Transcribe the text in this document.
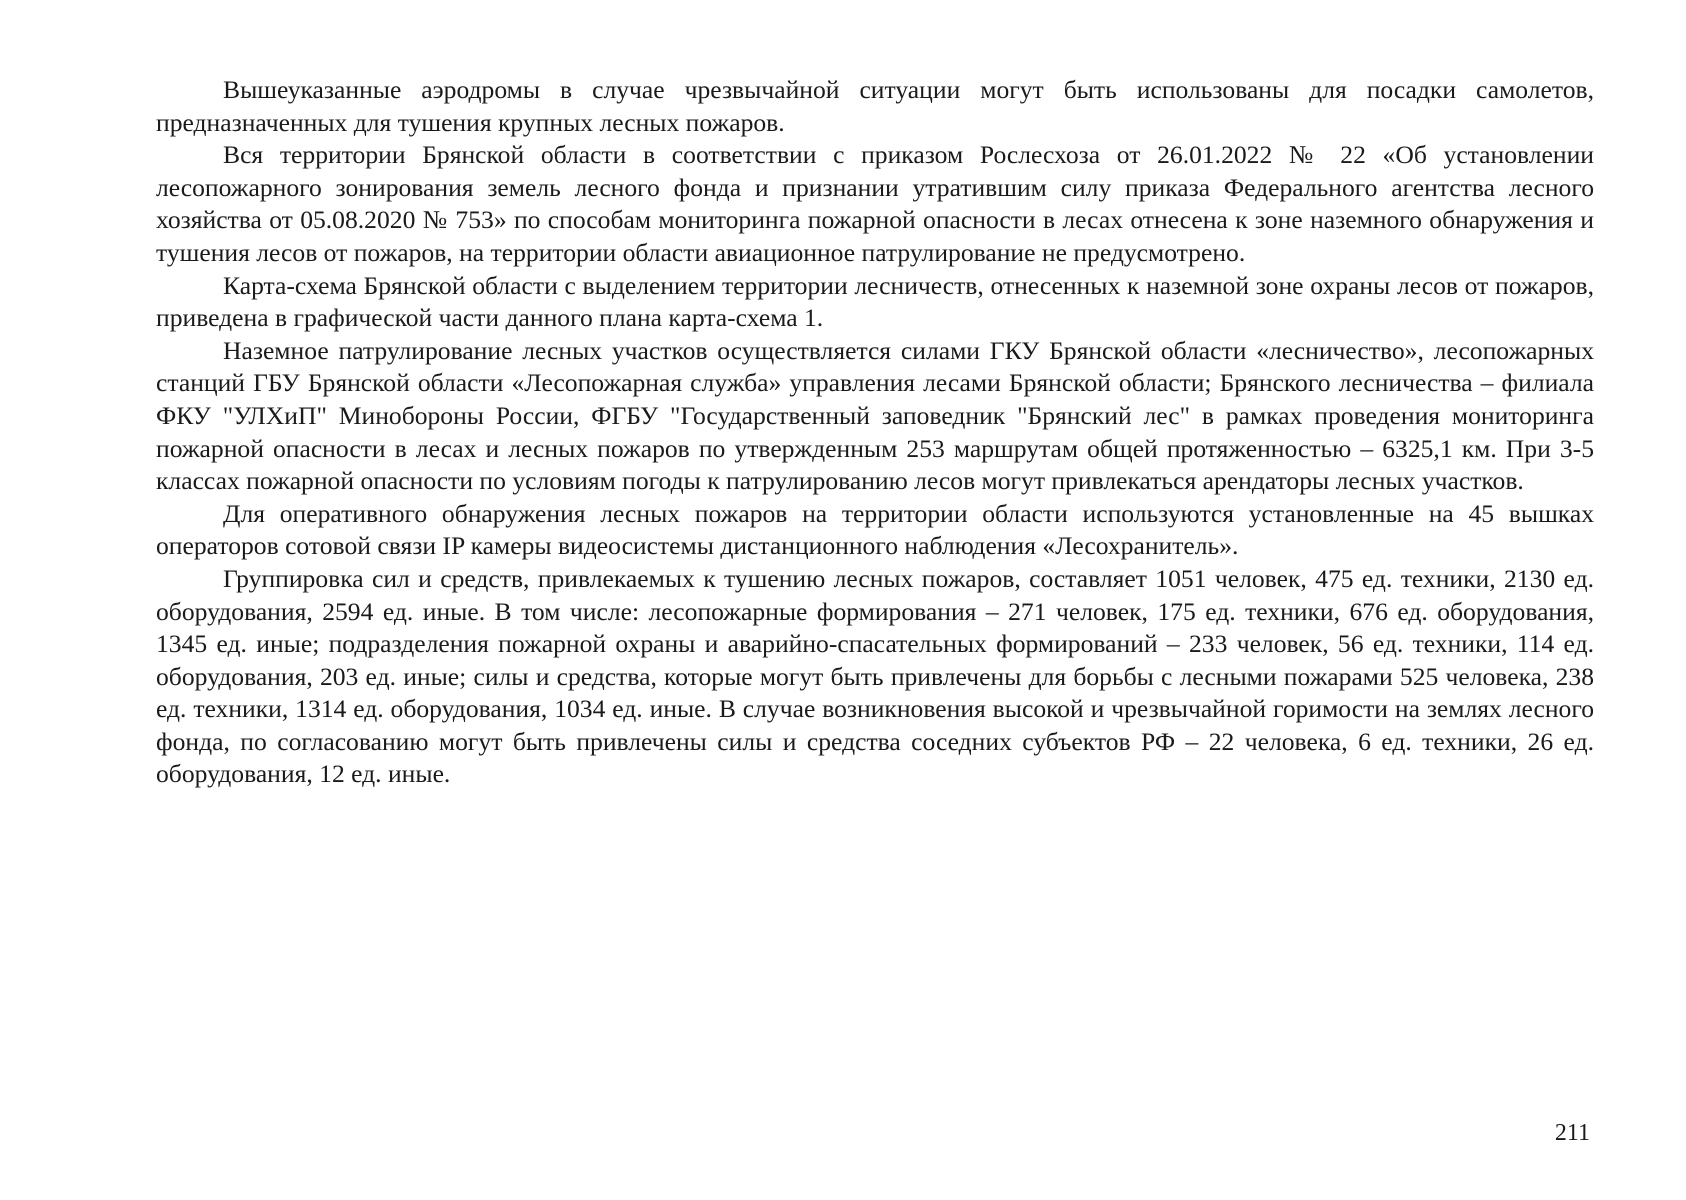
Вышеуказанные аэродромы в случае чрезвычайной ситуации могут быть использованы для посадки самолетов, предназначенных для тушения крупных лесных пожаров.

Вся территории Брянской области в соответствии с приказом Рослесхоза от 26.01.2022 № 22 «Об установлении лесопожарного зонирования земель лесного фонда и признании утратившим силу приказа Федерального агентства лесного хозяйства от 05.08.2020 № 753» по способам мониторинга пожарной опасности в лесах отнесена к зоне наземного обнаружения и тушения лесов от пожаров, на территории области авиационное патрулирование не предусмотрено.

Карта-схема Брянской области с выделением территории лесничеств, отнесенных к наземной зоне охраны лесов от пожаров, приведена в графической части данного плана карта-схема 1.

Наземное патрулирование лесных участков осуществляется силами ГКУ Брянской области «лесничество», лесопожарных станций ГБУ Брянской области «Лесопожарная служба» управления лесами Брянской области; Брянского лесничества – филиала ФКУ "УЛХиП" Минобороны России, ФГБУ "Государственный заповедник "Брянский лес" в рамках проведения мониторинга пожарной опасности в лесах и лесных пожаров по утвержденным 253 маршрутам общей протяженностью – 6325,1 км. При 3-5 классах пожарной опасности по условиям погоды к патрулированию лесов могут привлекаться арендаторы лесных участков.

Для оперативного обнаружения лесных пожаров на территории области используются установленные на 45 вышках операторов сотовой связи IP камеры видеосистемы дистанционного наблюдения «Лесохранитель».

Группировка сил и средств, привлекаемых к тушению лесных пожаров, составляет 1051 человек, 475 ед. техники, 2130 ед. оборудования, 2594 ед. иные. В том числе: лесопожарные формирования – 271 человек, 175 ед. техники, 676 ед. оборудования, 1345 ед. иные; подразделения пожарной охраны и аварийно-спасательных формирований – 233 человек, 56 ед. техники, 114 ед. оборудования, 203 ед. иные; силы и средства, которые могут быть привлечены для борьбы с лесными пожарами 525 человека, 238 ед. техники, 1314 ед. оборудования, 1034 ед. иные. В случае возникновения высокой и чрезвычайной горимости на землях лесного фонда, по согласованию могут быть привлечены силы и средства соседних субъектов РФ – 22 человека, 6 ед. техники, 26 ед. оборудования, 12 ед. иные.

211
